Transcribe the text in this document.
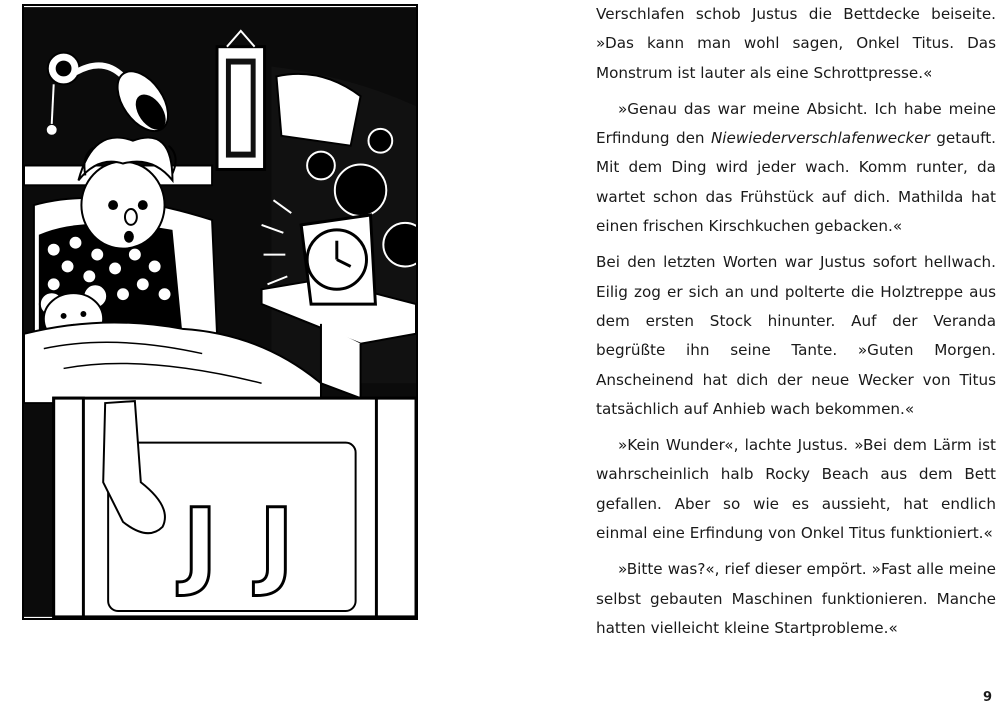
J J

Verschlafen schob Justus die Bettdecke beiseite. »Das kann man wohl sagen, Onkel Titus. Das Monstrum ist lauter als eine Schrottpresse.«

»Genau das war meine Absicht. Ich habe meine Erfindung den Niewiederverschlafenwecker getauft. Mit dem Ding wird jeder wach. Komm runter, da wartet schon das Frühstück auf dich. Mathilda hat einen frischen Kirschkuchen gebacken.«

Bei den letzten Worten war Justus sofort hellwach. Eilig zog er sich an und polterte die Holztreppe aus dem ersten Stock hinunter. Auf der Veranda begrüßte ihn seine Tante. »Guten Morgen. Anscheinend hat dich der neue Wecker von Titus tatsächlich auf Anhieb wach bekommen.«

»Kein Wunder«, lachte Justus. »Bei dem Lärm ist wahrscheinlich halb Rocky Beach aus dem Bett gefallen. Aber so wie es aussieht, hat endlich einmal eine Erfindung von Onkel Titus funktioniert.«

»Bitte was?«, rief dieser empört. »Fast alle meine selbst gebauten Maschinen funktionieren. Manche hatten vielleicht kleine Startprobleme.«

9
